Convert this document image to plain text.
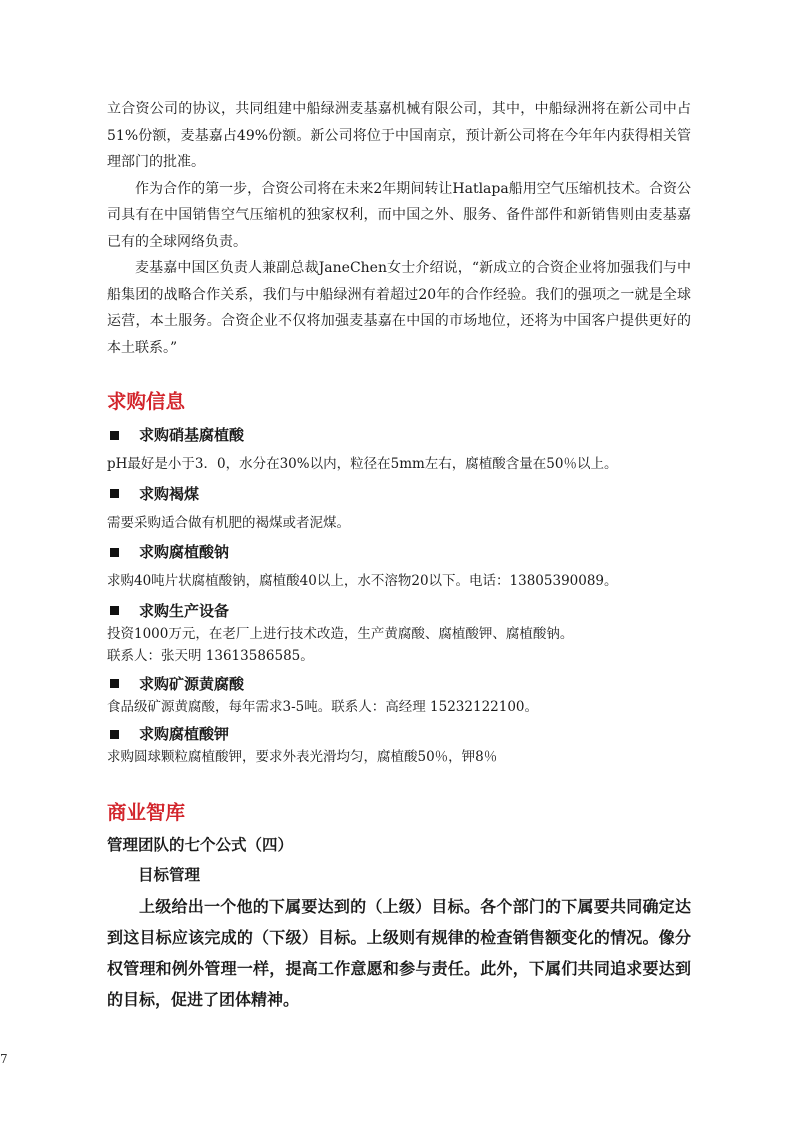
立合资公司的协议，共同组建中船绿洲麦基嘉机械有限公司，其中，中船绿洲将在新公司中占51%份额，麦基嘉占49%份额。新公司将位于中国南京，预计新公司将在今年年内获得相关管理部门的批准。

作为合作的第一步，合资公司将在未来2年期间转让Hatlapa船用空气压缩机技术。合资公司具有在中国销售空气压缩机的独家权利，而中国之外、服务、备件部件和新销售则由麦基嘉已有的全球网络负责。

麦基嘉中国区负责人兼副总裁JaneChen女士介绍说，“新成立的合资企业将加强我们与中船集团的战略合作关系，我们与中船绿洲有着超过20年的合作经验。我们的强项之一就是全球运营，本土服务。合资企业不仅将加强麦基嘉在中国的市场地位，还将为中国客户提供更好的本土联系。”

求购信息

求购硝基腐植酸

pH最好是小于3．0，水分在30%以内，粒径在5mm左右，腐植酸含量在50％以上。

求购褐煤

需要采购适合做有机肥的褐煤或者泥煤。

求购腐植酸钠

求购40吨片状腐植酸钠，腐植酸40以上，水不溶物20以下。电话：13805390089。

求购生产设备

投资1000万元，在老厂上进行技术改造，生产黄腐酸、腐植酸钾、腐植酸钠。

联系人：张天明 13613586585。

求购矿源黄腐酸

食品级矿源黄腐酸，每年需求3-5吨。联系人：高经理 15232122100。

求购腐植酸钾

求购圆球颗粒腐植酸钾，要求外表光滑均匀，腐植酸50％，钾8％

商业智库

管理团队的七个公式（四）

目标管理

上级给出一个他的下属要达到的（上级）目标。各个部门的下属要共同确定达到这目标应该完成的（下级）目标。上级则有规律的检查销售额变化的情况。像分权管理和例外管理一样，提高工作意愿和参与责任。此外，下属们共同追求要达到的目标，促进了团体精神。

7
